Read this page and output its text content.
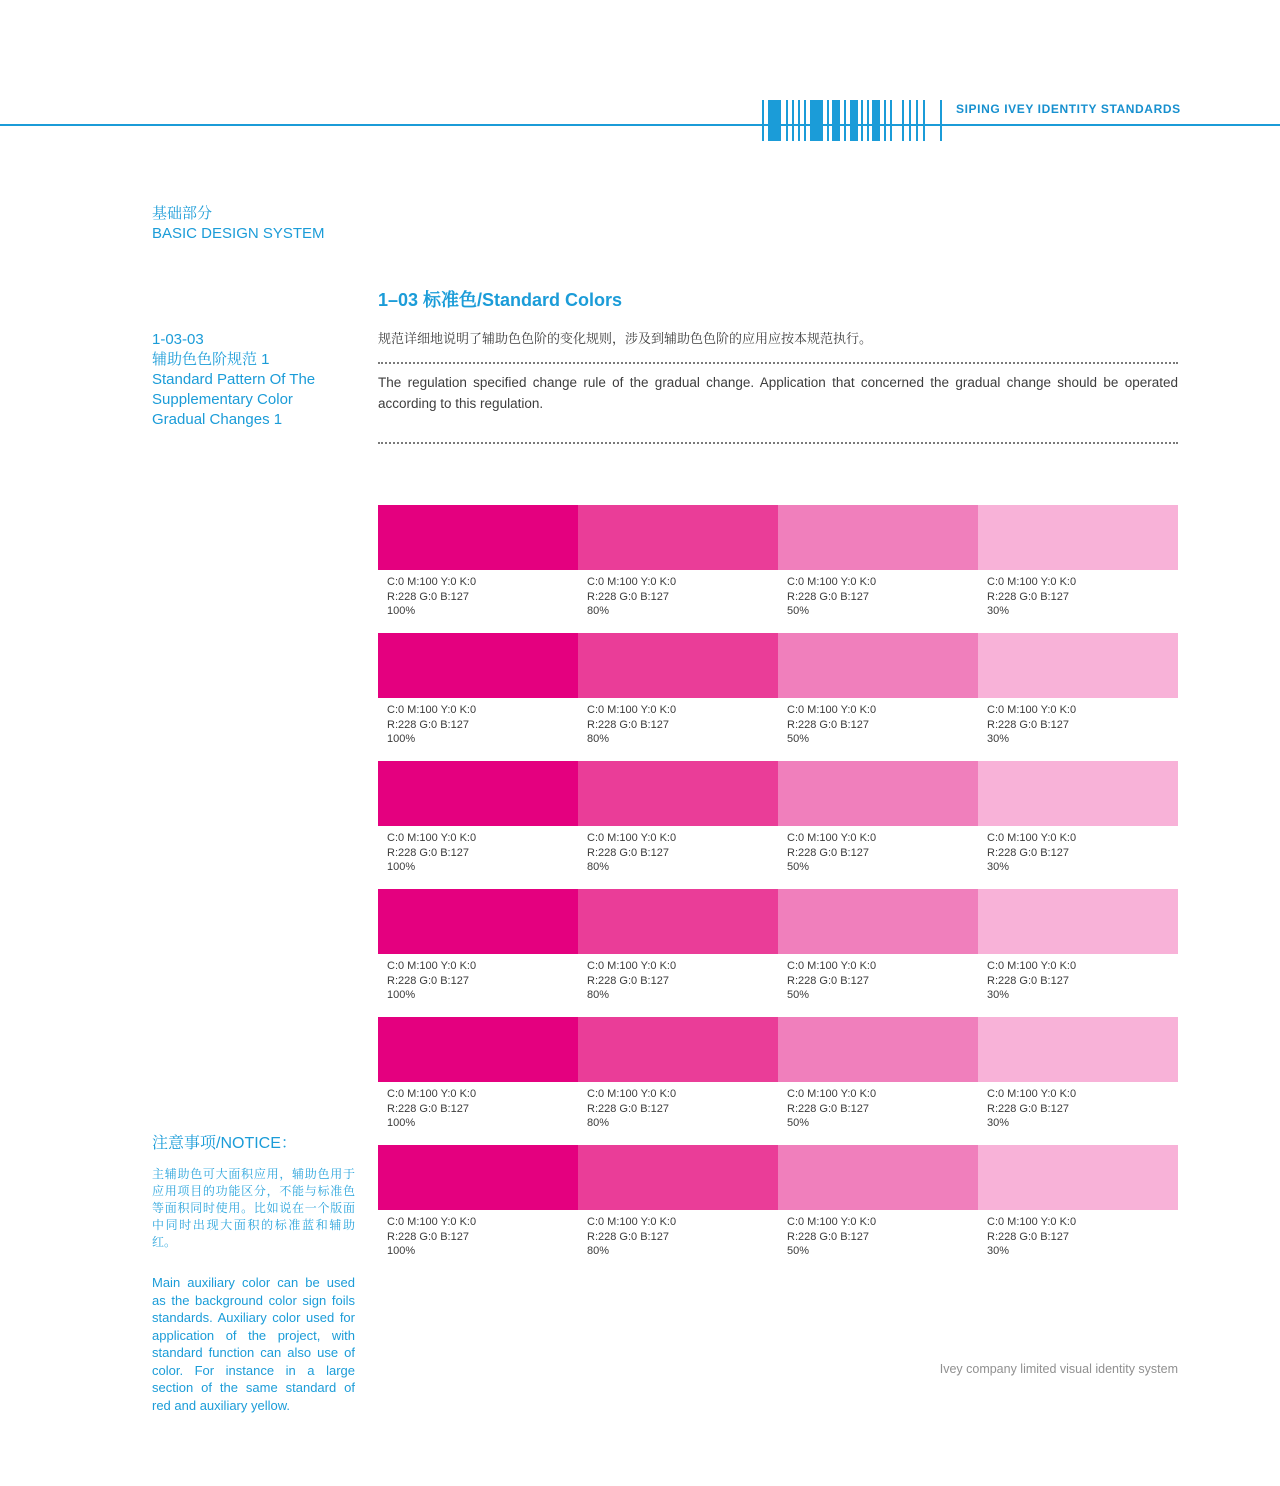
SIPING IVEY IDENTITY STANDARDS
基础部分
BASIC DESIGN SYSTEM
1-03-03
辅助色色阶规范 1
Standard Pattern Of The
Supplementary Color
Gradual Changes 1
1–03 标准色/Standard Colors
规范详细地说明了辅助色色阶的变化规则，涉及到辅助色色阶的应用应按本规范执行。
The regulation specified change rule of the gradual change. Application that concerned the gradual change should be operated according to this regulation.
C:0 M:100 Y:0 K:0
R:228 G:0 B:127
100%
C:0 M:100 Y:0 K:0
R:228 G:0 B:127
80%
C:0 M:100 Y:0 K:0
R:228 G:0 B:127
50%
C:0 M:100 Y:0 K:0
R:228 G:0 B:127
30%
C:0 M:100 Y:0 K:0
R:228 G:0 B:127
100%
C:0 M:100 Y:0 K:0
R:228 G:0 B:127
80%
C:0 M:100 Y:0 K:0
R:228 G:0 B:127
50%
C:0 M:100 Y:0 K:0
R:228 G:0 B:127
30%
C:0 M:100 Y:0 K:0
R:228 G:0 B:127
100%
C:0 M:100 Y:0 K:0
R:228 G:0 B:127
80%
C:0 M:100 Y:0 K:0
R:228 G:0 B:127
50%
C:0 M:100 Y:0 K:0
R:228 G:0 B:127
30%
C:0 M:100 Y:0 K:0
R:228 G:0 B:127
100%
C:0 M:100 Y:0 K:0
R:228 G:0 B:127
80%
C:0 M:100 Y:0 K:0
R:228 G:0 B:127
50%
C:0 M:100 Y:0 K:0
R:228 G:0 B:127
30%
C:0 M:100 Y:0 K:0
R:228 G:0 B:127
100%
C:0 M:100 Y:0 K:0
R:228 G:0 B:127
80%
C:0 M:100 Y:0 K:0
R:228 G:0 B:127
50%
C:0 M:100 Y:0 K:0
R:228 G:0 B:127
30%
C:0 M:100 Y:0 K:0
R:228 G:0 B:127
100%
C:0 M:100 Y:0 K:0
R:228 G:0 B:127
80%
C:0 M:100 Y:0 K:0
R:228 G:0 B:127
50%
C:0 M:100 Y:0 K:0
R:228 G:0 B:127
30%
注意事项/NOTICE：
主辅助色可大面积应用，辅助色用于应用项目的功能区分，不能与标准色等面积同时使用。比如说在一个版面中同时出现大面积的标准蓝和辅助红。
Main auxiliary color can be used as the background color sign foils standards. Auxiliary color used for application of the project, with standard function can also use of color. For instance in a large section of the same standard of red and auxiliary yellow.
Ivey company limited visual identity system
